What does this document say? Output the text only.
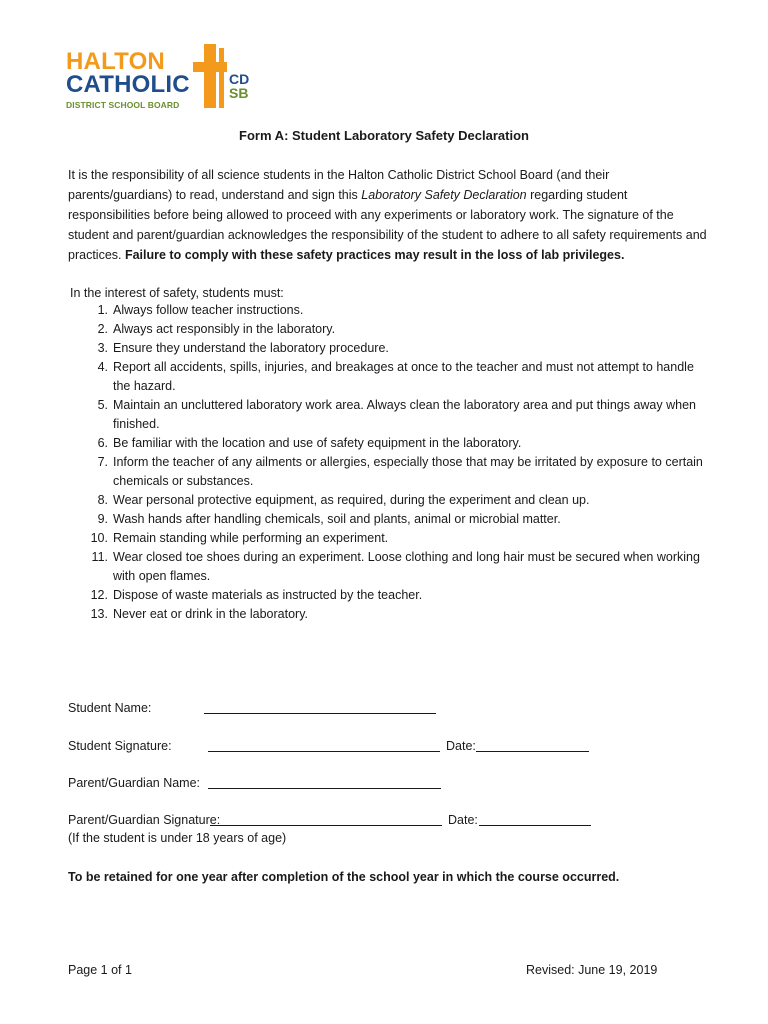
HALTON
CATHOLIC
DISTRICT SCHOOL BOARD
CD
SB
Form A: Student Laboratory Safety Declaration
It is the responsibility of all science students in the Halton Catholic District School Board (and their parents/guardians) to read, understand and sign this Laboratory Safety Declaration regarding student responsibilities before being allowed to proceed with any experiments or laboratory work. The signature of the student and parent/guardian acknowledges the responsibility of the student to adhere to all safety requirements and practices. Failure to comply with these safety practices may result in the loss of lab privileges.
In the interest of safety, students must:
1. Always follow teacher instructions.
2. Always act responsibly in the laboratory.
3. Ensure they understand the laboratory procedure.
4. Report all accidents, spills, injuries, and breakages at once to the teacher and must not attempt to handle the hazard.
5. Maintain an uncluttered laboratory work area. Always clean the laboratory area and put things away when finished.
6. Be familiar with the location and use of safety equipment in the laboratory.
7. Inform the teacher of any ailments or allergies, especially those that may be irritated by exposure to certain chemicals or substances.
8. Wear personal protective equipment, as required, during the experiment and clean up.
9. Wash hands after handling chemicals, soil and plants, animal or microbial matter.
10. Remain standing while performing an experiment.
11. Wear closed toe shoes during an experiment. Loose clothing and long hair must be secured when working with open flames.
12. Dispose of waste materials as instructed by the teacher.
13. Never eat or drink in the laboratory.
Student Name:
Student Signature:	Date:
Parent/Guardian Name:
Parent/Guardian Signature:	Date:
(If the student is under 18 years of age)
To be retained for one year after completion of the school year in which the course occurred.
Page 1 of 1	Revised: June 19, 2019
